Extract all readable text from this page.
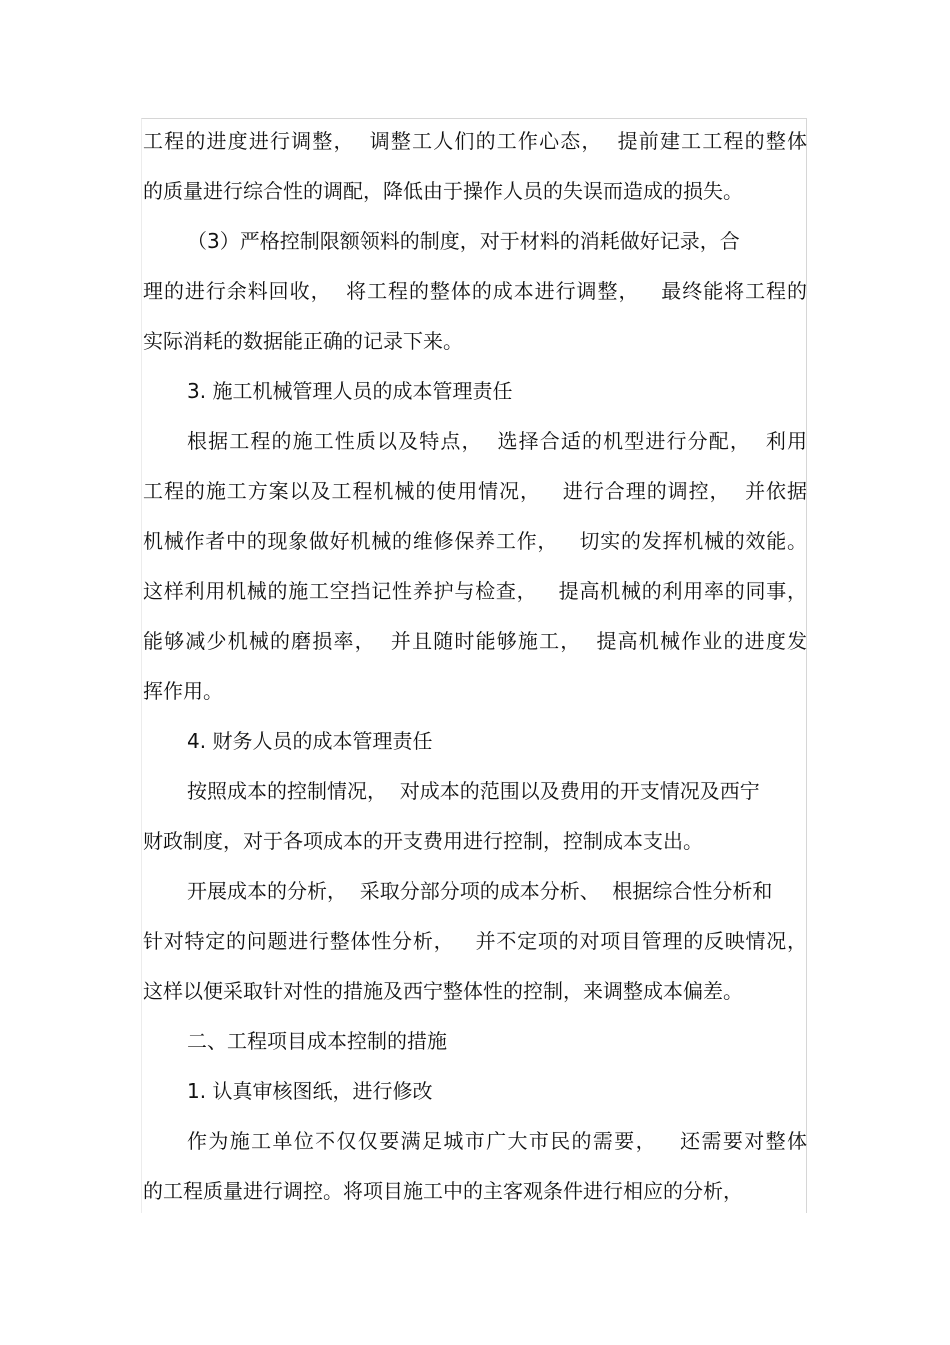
工程的进度进行调整，  调整工人们的工作心态，  提前建工工程的整体
的质量进行综合性的调配，降低由于操作人员的失误而造成的损失。
（3）严格控制限额领料的制度，对于材料的消耗做好记录，合
理的进行余料回收，  将工程的整体的成本进行调整，   最终能将工程的
实际消耗的数据能正确的记录下来。
3. 施工机械管理人员的成本管理责任
根据工程的施工性质以及特点，  选择合适的机型进行分配，  利用
工程的施工方案以及工程机械的使用情况，   进行合理的调控，  并依据
机械作者中的现象做好机械的维修保养工作，   切实的发挥机械的效能。
这样利用机械的施工空挡记性养护与检查，   提高机械的利用率的同事，
能够减少机械的磨损率，  并且随时能够施工，  提高机械作业的进度发
挥作用。
4. 财务人员的成本管理责任
按照成本的控制情况，  对成本的范围以及费用的开支情况及西宁
财政制度，对于各项成本的开支费用进行控制，控制成本支出。
开展成本的分析，  采取分部分项的成本分析、  根据综合性分析和
针对特定的问题进行整体性分析，   并不定项的对项目管理的反映情况，
这样以便采取针对性的措施及西宁整体性的控制，来调整成本偏差。
二、工程项目成本控制的措施
1. 认真审核图纸，进行修改
作为施工单位不仅仅要满足城市广大市民的需要，   还需要对整体
的工程质量进行调控。将项目施工中的主客观条件进行相应的分析，
